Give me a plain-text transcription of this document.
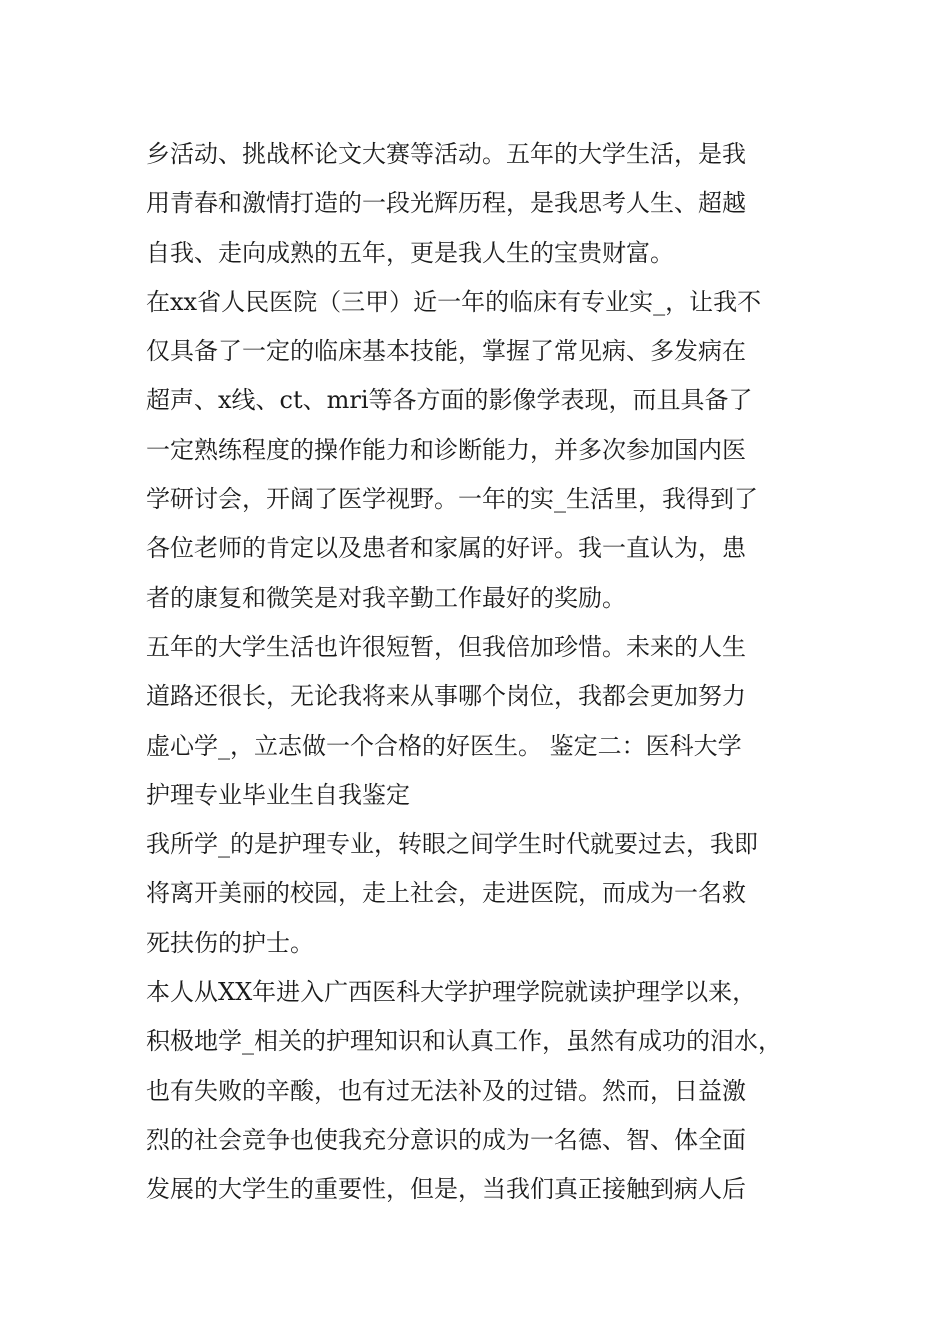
乡活动、挑战杯论文大赛等活动。五年的大学生活，是我
用青春和激情打造的一段光辉历程，是我思考人生、超越
自我、走向成熟的五年，更是我人生的宝贵财富。
在xx省人民医院（三甲）近一年的临床有专业实_，让我不
仅具备了一定的临床基本技能，掌握了常见病、多发病在
超声、x线、ct、mri等各方面的影像学表现，而且具备了
一定熟练程度的操作能力和诊断能力，并多次参加国内医
学研讨会，开阔了医学视野。一年的实_生活里，我得到了
各位老师的肯定以及患者和家属的好评。我一直认为，患
者的康复和微笑是对我辛勤工作最好的奖励。
五年的大学生活也许很短暂，但我倍加珍惜。未来的人生
道路还很长，无论我将来从事哪个岗位，我都会更加努力
虚心学_，立志做一个合格的好医生。 鉴定二：医科大学
护理专业毕业生自我鉴定
我所学_的是护理专业，转眼之间学生时代就要过去，我即
将离开美丽的校园，走上社会，走进医院，而成为一名救
死扶伤的护士。
本人从XX年进入广西医科大学护理学院就读护理学以来，
积极地学_相关的护理知识和认真工作，虽然有成功的泪水，
也有失败的辛酸，也有过无法补及的过错。然而，日益激
烈的社会竞争也使我充分意识的成为一名德、智、体全面
发展的大学生的重要性，但是，当我们真正接触到病人后
